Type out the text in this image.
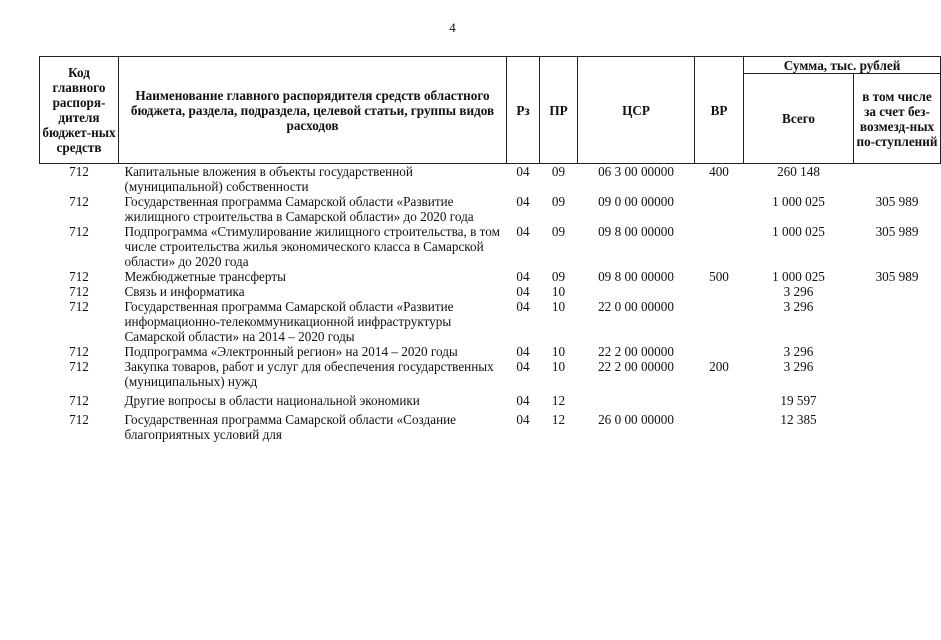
4
Код главного распоря-дителя бюджет-ных средств	Наименование главного распорядителя средств областного бюджета, раздела, подраздела, целевой статьи, группы видов расходов	Рз	ПР	ЦСР	ВР	Сумма, тыс. рублей	
						Всего	в том числе за счет без-возмезд-ных по-ступлений
712	Капитальные вложения в объекты государственной (муниципальной) собственности	04	09	06 3 00 00000	400	260 148	
712	Государственная программа Самарской области «Развитие жилищного строительства в Самарской области» до 2020 года	04	09	09 0 00 00000		1 000 025	305 989
712	Подпрограмма «Стимулирование жилищного строительства, в том числе строительства жилья экономического класса в Самарской области» до 2020 года	04	09	09 8 00 00000		1 000 025	305 989
712	Межбюджетные трансферты	04	09	09 8 00 00000	500	1 000 025	305 989
712	Связь и информатика	04	10			3 296	
712	Государственная программа Самарской области «Развитие информационно-телекоммуникационной инфраструктуры Самарской области» на 2014 – 2020 годы	04	10	22 0 00 00000		3 296	
712	Подпрограмма «Электронный регион» на 2014 – 2020 годы	04	10	22 2 00 00000		3 296	
712	Закупка товаров, работ и услуг для обеспечения государственных (муниципальных) нужд	04	10	22 2 00 00000	200	3 296	
712	Другие вопросы в области национальной экономики	04	12			19 597	
712	Государственная программа Самарской области «Создание благоприятных условий для	04	12	26 0 00 00000		12 385	
